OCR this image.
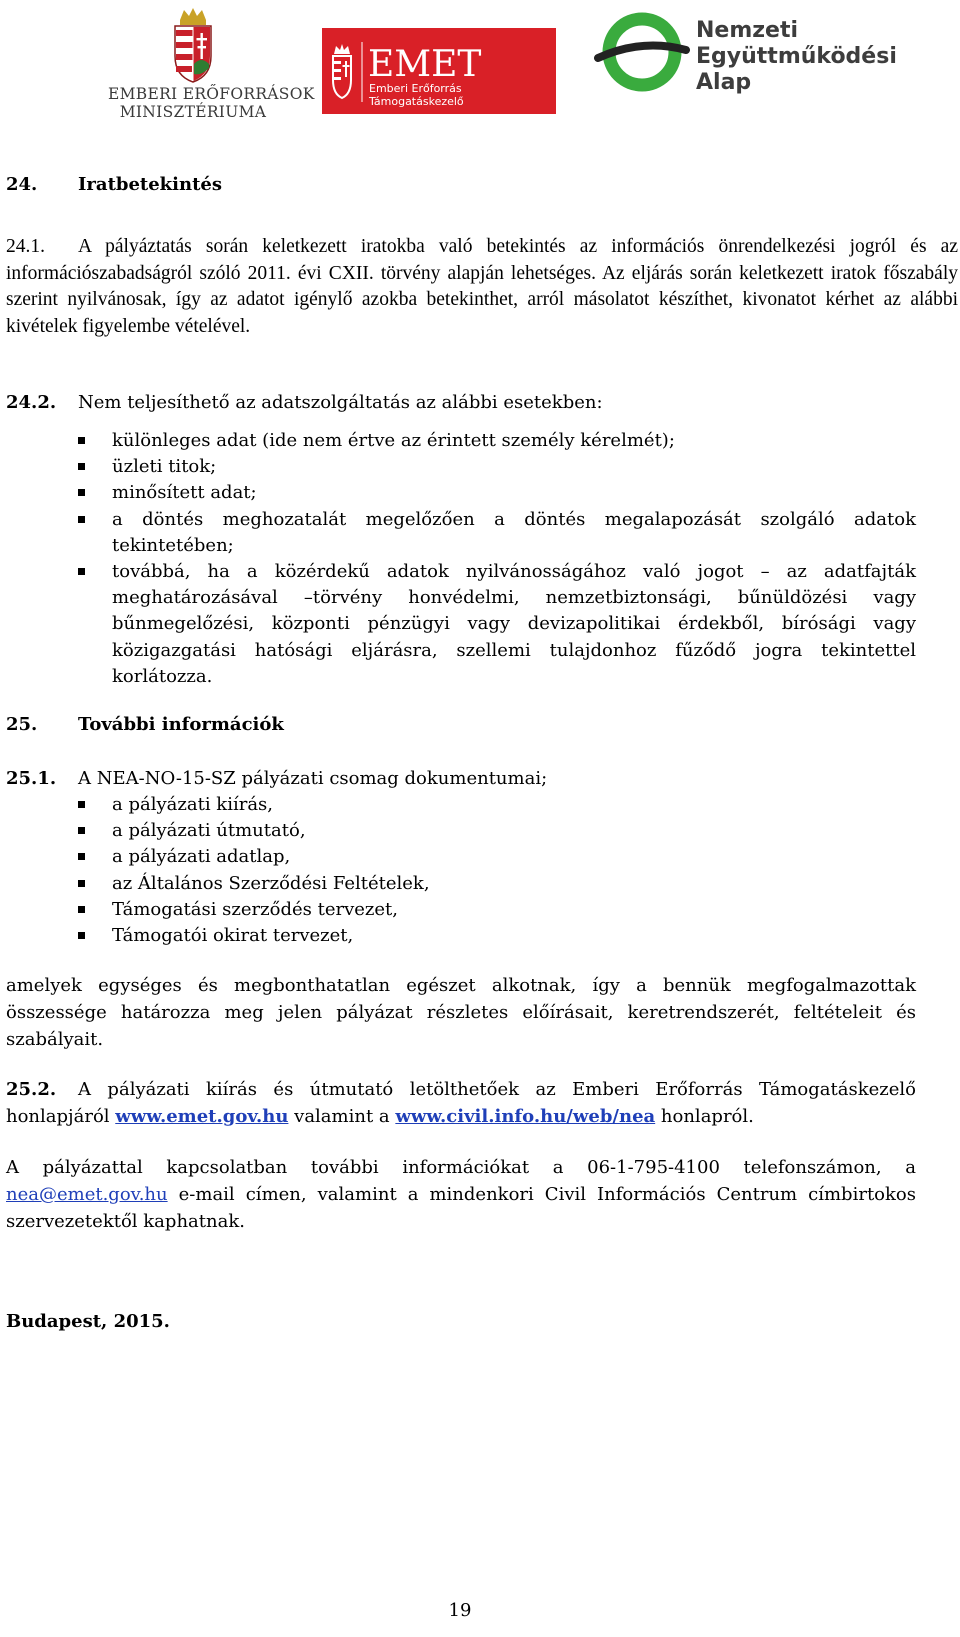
EMBERI ERŐFORRÁSOK
MINISZTÉRIUMA
EMET
Emberi Erőforrás
Támogatáskezelő
Nemzeti
Együttműködési
Alap
24. Iratbetekintés
24.1. A pályáztatás során keletkezett iratokba való betekintés az információs önrendelkezési jogról és az információszabadságról szóló 2011. évi CXII. törvény alapján lehetséges. Az eljárás során keletkezett iratok főszabály szerint nyilvánosak, így az adatot igénylő azokba betekinthet, arról másolatot készíthet, kivonatot kérhet az alábbi kivételek figyelembe vételével.
24.2. Nem teljesíthető az adatszolgáltatás az alábbi esetekben:
különleges adat (ide nem értve az érintett személy kérelmét);
üzleti titok;
minősített adat;
a döntés meghozatalát megelőzően a döntés megalapozását szolgáló adatok tekintetében;
továbbá, ha a közérdekű adatok nyilvánosságához való jogot – az adatfajták meghatározásával –törvény honvédelmi, nemzetbiztonsági, bűnüldözési vagy bűnmegelőzési, központi pénzügyi vagy devizapolitikai érdekből, bírósági vagy közigazgatási hatósági eljárásra, szellemi tulajdonhoz fűződő jogra tekintettel korlátozza.
25. További információk
25.1. A NEA-NO-15-SZ pályázati csomag dokumentumai;
a pályázati kiírás,
a pályázati útmutató,
a pályázati adatlap,
az Általános Szerződési Feltételek,
Támogatási szerződés tervezet,
Támogatói okirat tervezet,
amelyek egységes és megbonthatatlan egészet alkotnak, így a bennük megfogalmazottak összessége határozza meg jelen pályázat részletes előírásait, keretrendszerét, feltételeit és szabályait.
25.2. A pályázati kiírás és útmutató letölthetőek az Emberi Erőforrás Támogatáskezelő honlapjáról www.emet.gov.hu valamint a www.civil.info.hu/web/nea honlapról.
A pályázattal kapcsolatban további információkat a 06-1-795-4100 telefonszámon, a nea@emet.gov.hu e-mail címen, valamint a mindenkori Civil Információs Centrum címbirtokos szervezetektől kaphatnak.
Budapest, 2015.
19
